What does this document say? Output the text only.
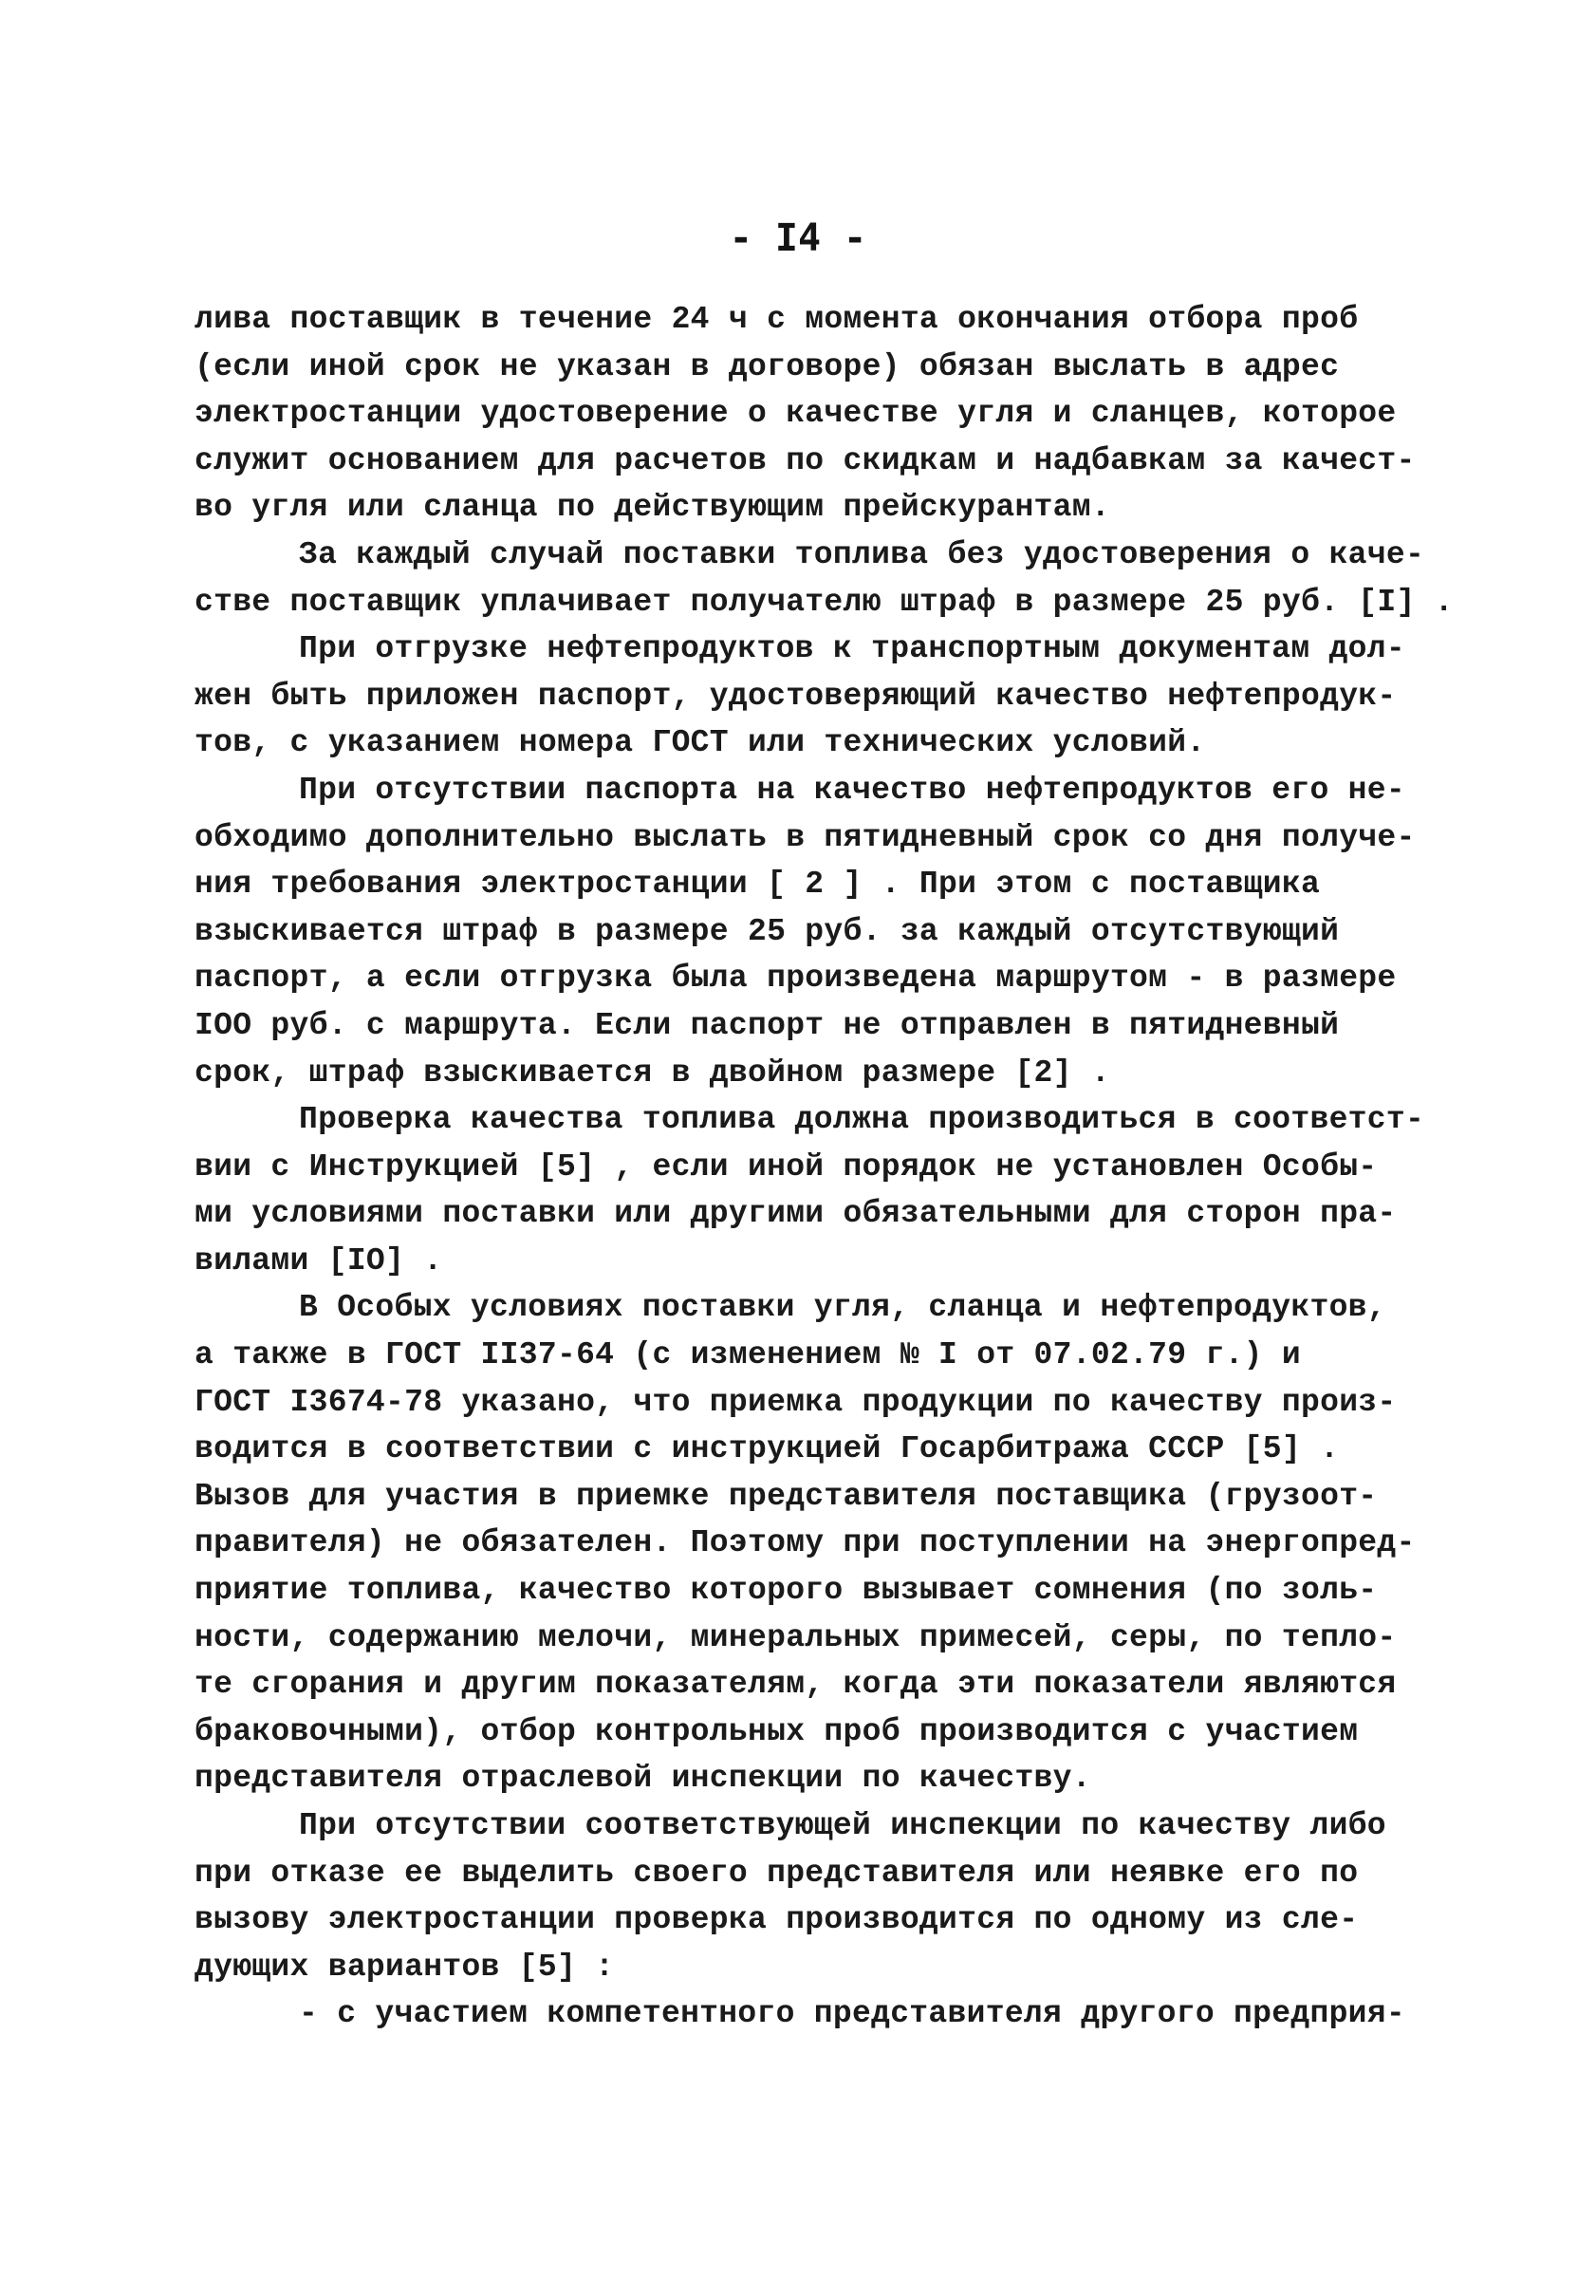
- I4 -
лива поставщик в течение 24 ч с момента окончания отбора проб
(если иной срок не указан в договоре) обязан выслать в адрес
электростанции удостоверение о качестве угля и сланцев, которое
служит основанием для расчетов по скидкам и надбавкам за качест-
во угля или сланца по действующим прейскурантам.
За каждый случай поставки топлива без удостоверения о каче-
стве поставщик уплачивает получателю штраф в размере 25 руб. [I] .
При отгрузке нефтепродуктов к транспортным документам дол-
жен быть приложен паспорт, удостоверяющий качество нефтепродук-
тов, с указанием номера ГОСТ или технических условий.
При отсутствии паспорта на качество нефтепродуктов его не-
обходимо дополнительно выслать в пятидневный срок со дня получе-
ния требования электростанции [ 2 ] . При этом с поставщика
взыскивается штраф в размере 25 руб. за каждый отсутствующий
паспорт, а если отгрузка была произведена маршрутом - в размере
IOO руб. с маршрута. Если паспорт не отправлен в пятидневный
срок, штраф взыскивается в двойном размере [2] .
Проверка качества топлива должна производиться в соответст-
вии с Инструкцией [5] , если иной порядок не установлен Особы-
ми условиями поставки или другими обязательными для сторон пра-
вилами [IO] .
В Особых условиях поставки угля, сланца и нефтепродуктов,
а также в ГОСТ II37-64 (с изменением № I от 07.02.79 г.) и
ГОСТ I3674-78 указано, что приемка продукции по качеству произ-
водится в соответствии с инструкцией Госарбитража СССР [5] .
Вызов для участия в приемке представителя поставщика (грузоот-
правителя) не обязателен. Поэтому при поступлении на энергопред-
приятие топлива, качество которого вызывает сомнения (по золь-
ности, содержанию мелочи, минеральных примесей, серы, по тепло-
те сгорания и другим показателям, когда эти показатели являются
браковочными), отбор контрольных проб производится с участием
представителя отраслевой инспекции по качеству.
При отсутствии соответствующей инспекции по качеству либо
при отказе ее выделить своего представителя или неявке его по
вызову электростанции проверка производится по одному из сле-
дующих вариантов [5] :
- с участием компетентного представителя другого предприя-
